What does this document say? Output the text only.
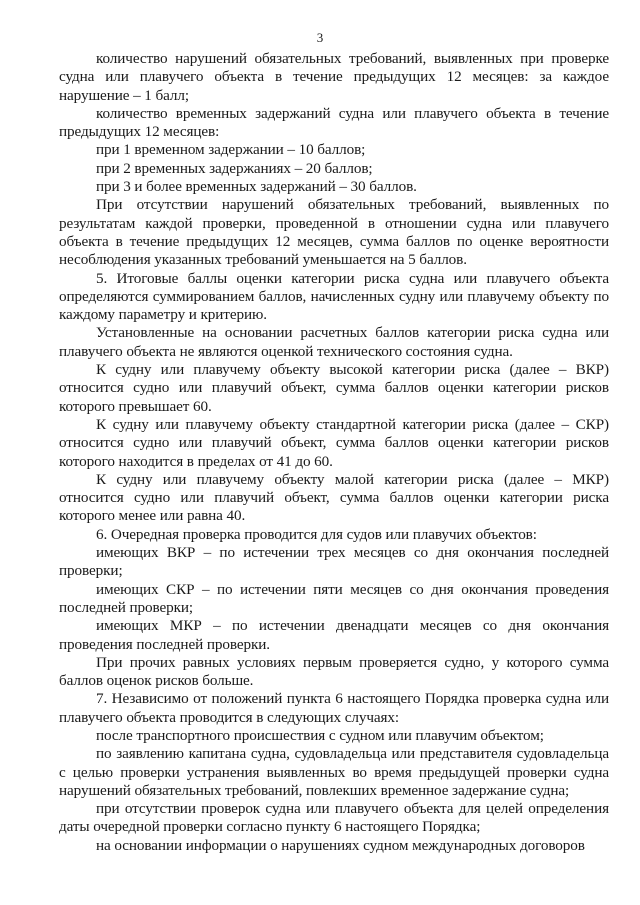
3

количество нарушений обязательных требований, выявленных при проверке судна или плавучего объекта в течение предыдущих 12 месяцев: за каждое нарушение – 1 балл;

количество временных задержаний судна или плавучего объекта в течение предыдущих 12 месяцев:

при 1 временном задержании – 10 баллов;

при 2 временных задержаниях – 20 баллов;

при 3 и более временных задержаний – 30 баллов.

При отсутствии нарушений обязательных требований, выявленных по результатам каждой проверки, проведенной в отношении судна или плавучего объекта в течение предыдущих 12 месяцев, сумма баллов по оценке вероятности несоблюдения указанных требований уменьшается на 5 баллов.

5. Итоговые баллы оценки категории риска судна или плавучего объекта определяются суммированием баллов, начисленных судну или плавучему объекту по каждому параметру и критерию.

Установленные на основании расчетных баллов категории риска судна или плавучего объекта не являются оценкой технического состояния судна.

К судну или плавучему объекту высокой категории риска (далее – ВКР) относится судно или плавучий объект, сумма баллов оценки категории рисков которого превышает 60.

К судну или плавучему объекту стандартной категории риска (далее – СКР) относится судно или плавучий объект, сумма баллов оценки категории рисков которого находится в пределах от 41 до 60.

К судну или плавучему объекту малой категории риска (далее – МКР) относится судно или плавучий объект, сумма баллов оценки категории риска которого менее или равна 40.

6. Очередная проверка проводится для судов или плавучих объектов:

имеющих ВКР – по истечении трех месяцев со дня окончания последней проверки;

имеющих СКР – по истечении пяти месяцев со дня окончания проведения последней проверки;

имеющих МКР – по истечении двенадцати месяцев со дня окончания проведения последней проверки.

При прочих равных условиях первым проверяется судно, у которого сумма баллов оценок рисков больше.

7. Независимо от положений пункта 6 настоящего Порядка проверка судна или плавучего объекта проводится в следующих случаях:

после транспортного происшествия с судном или плавучим объектом;

по заявлению капитана судна, судовладельца или представителя судовладельца с целью проверки устранения выявленных во время предыдущей проверки судна нарушений обязательных требований, повлекших временное задержание судна;

при отсутствии проверок судна или плавучего объекта для целей определения даты очередной проверки согласно пункту 6 настоящего Порядка;

на основании информации о нарушениях судном международных договоров
